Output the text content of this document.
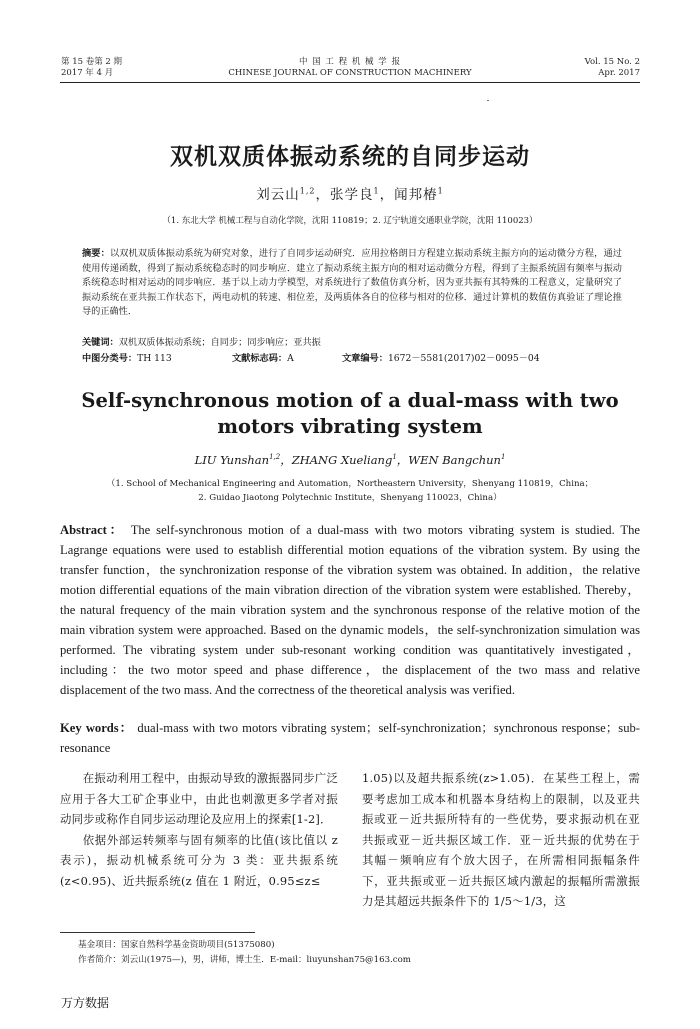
第 15 卷第 2 期
2017 年 4 月
中 国 工 程 机 械 学 报
CHINESE JOURNAL OF CONSTRUCTION MACHINERY
Vol. 15 No. 2
Apr. 2017
双机双质体振动系统的自同步运动
刘云山$^{1,2}$，张学良$^1$，闻邦椿$^1$
（1. 东北大学 机械工程与自动化学院，沈阳 110819；2. 辽宁轨道交通职业学院，沈阳 110023）
摘要：以双机双质体振动系统为研究对象，进行了自同步运动研究．应用拉格朗日方程建立振动系统主振方向的运动微分方程，通过使用传递函数，得到了振动系统稳态时的同步响应．建立了振动系统主振方向的相对运动微分方程，得到了主振系统固有频率与振动系统稳态时相对运动的同步响应．基于以上动力学模型，对系统进行了数值仿真分析，因为亚共振有其特殊的工程意义，定量研究了振动系统在亚共振工作状态下，两电动机的转速、相位差，及两质体各自的位移与相对的位移．通过计算机的数值仿真验证了理论推导的正确性．
关键词：双机双质体振动系统；自同步；同步响应；亚共振
中图分类号：TH 113	文献标志码：A	文章编号：1672－5581(2017)02－0095－04
Self-synchronous motion of a dual-mass with two
motors vibrating system
LIU Yunshan$^{1,2}$，ZHANG Xueliang$^1$，WEN Bangchun$^1$
（1. School of Mechanical Engineering and Automation，Northeastern University，Shenyang 110819，China；
2. Guidao Jiaotong Polytechnic Institute，Shenyang 110023，China）
Abstract： The self-synchronous motion of a dual-mass with two motors vibrating system is studied. The Lagrange equations were used to establish differential motion equations of the vibration system. By using the transfer function，the synchronization response of the vibration system was obtained. In addition，the relative motion differential equations of the main vibration direction of the vibration system were established. Thereby，the natural frequency of the main vibration system and the synchronous response of the relative motion of the main vibration system were approached. Based on the dynamic models，the self-synchronization simulation was performed. The vibrating system under sub-resonant working condition was quantitatively investigated，including：the two motor speed and phase difference，the displacement of the two mass and relative displacement of the two mass. And the correctness of the theoretical analysis was verified.
Key words： dual-mass with two motors vibrating system；self-synchronization；synchronous response；sub-resonance

在振动利用工程中，由振动导致的激振器同步广泛应用于各大工矿企事业中，由此也刺激更多学者对振动同步或称作自同步运动理论及应用上的探索[1-2]．

依据外部运转频率与固有频率的比值(该比值以 z 表示)，振动机械系统可分为 3 类：亚共振系统(z<0.95)、近共振系统(z 值在 1 附近，0.95≤z≤

1.05)以及超共振系统(z>1.05)．在某些工程上，需要考虑加工成本和机器本身结构上的限制，以及亚共振或亚－近共振所特有的一些优势，要求振动机在亚共振或亚－近共振区域工作．亚－近共振的优势在于其幅－频响应有个放大因子，在所需相同振幅条件下，亚共振或亚－近共振区域内激起的振幅所需激振力是其超远共振条件下的 1/5～1/3，这

基金项目：国家自然科学基金资助项目(51375080)
作者简介：刘云山(1975—)，男，讲师，博士生．E-mail：liuyunshan75@163.com
万方数据
